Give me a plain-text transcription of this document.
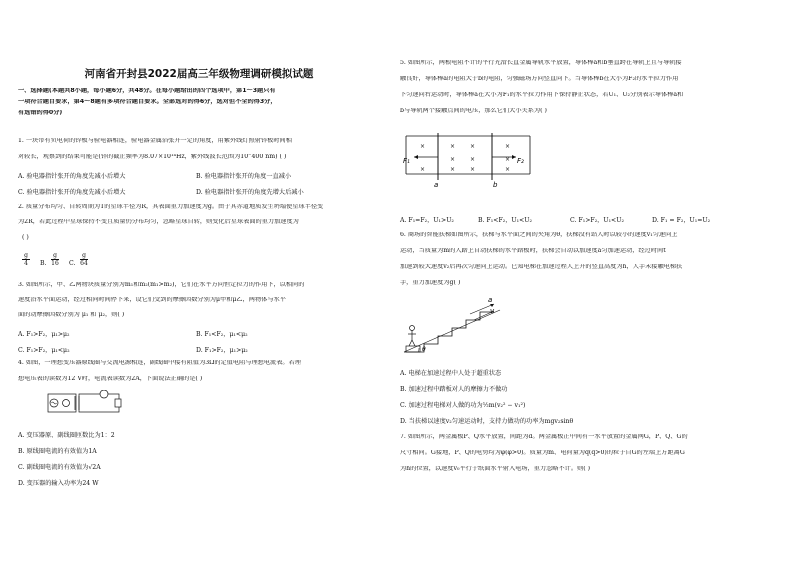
河南省开封县2022届高三年级物理调研模拟试题
一、选择题(本题共8小题，每小题6分，共48分。在每小题给出的四个选项中，第1～3题只有
一项符合题目要求，第4～8题有多项符合题目要求。全部选对的得6分，选对但不全的得3分，
有选错的得0分)
1. 一块带有负电荷的锌板与验电器相连，验电器金属箔张开一定的角度，用紫外线灯照射锌板时间相
对较长，观察到的结果可能是(锌的截止频率为8.07×10¹⁴Hz，紫外线波长范围为10⁻400 nm) ( )
A. 验电器指针张开的角度先减小后增大	B. 验电器指针张开的角度一直减小
C. 验电器指针张开的角度先减小后增大	D. 验电器指针张开的角度先增大后减小
2. 质量分布均匀、自转周期为T的星球半径为R，其表面重力加速度为g。由于其赤道地质发生坍塌使星球半径变
为2R，若此过程中星球保持不变且质量仍分布均匀，忽略星球自转，则变化后星球表面的重力加速度为
( )
g
4	B.
g
16	C.
g
64
3. 如图所示，甲、乙两物块质量分别为m₁和m₂(m₁>m₂)，它们在水平方向恒定拉力的作用下，以相同的
速度沿水平面运动，经过相同时间停下来，设它们受到的摩擦因数分别为μ甲和μ乙，两物体与水平
面的动摩擦因数分别为 μ₁ 和 μ₂，则( )
A. F₁>F₂，μ₁>μ₂	B. F₁<F₂，μ₁<μ₂
C. F₁>F₂，μ₁<μ₂	D. F₁>F₂，μ₁>μ₂
4. 如图，一理想变压器原线圈与交流电源相连，副线圈中接有阻值为3Ω的定值电阻与理想电流表。若理
想电压表的读数为12 V时，电流表读数为2A，下面说法正确的是( )
A. 变压器原、副线圈匝数比为1：2
B. 原线圈电流的有效值为1A
C. 副线圈电流的有效值为√2A
D. 变压器的输入功率为24 W
5. 如图所示，两根电阻不计的平行光滑长直金属导轨水平放置，导体棒a和b垂直跨在导轨上且与导轨接
触良好，导体棒a的电阻大于b的电阻，匀强磁场方向竖直向下。当导体棒b在大小为F₂的水平拉力作用
下匀速向右运动时，导体棒a在大小为F₁的水平拉力作用下保持静止状态，若U₁、U₂分别表示导体棒a和
b与导轨两个接触点间的电压，那么它们大小关系为( )
×	× ×	×
× ×	×
×	× ×	×
F₁	F₂
a	b
A. F₁=F₂，U₁>U₂	B. F₁<F₂，U₁<U₂	C. F₁>F₂，U₁<U₂	D. F₁ = F₂，U₁=U₂
6. 商场的智能扶梯如图所示，扶梯与水平面之间的夹角为θ，扶梯没有站人时以较小的速度v₁匀速向上
运动，当质量为m的人踏上自动扶梯的水平踏板时，扶梯会自动以加速度a匀加速运动，经过时间t
加速到较大速度v₂后再次匀速向上运动。已知电梯在加速过程人上升的竖直高度为h，人手未接触电梯扶
手，重力加速度为g( )
a
v
θ
A. 电梯在加速过程中人处于超重状态
B. 加速过程中踏板对人的摩擦力不做功
C. 加速过程电梯对人做的功为½m(v₂² − v₁²)
D. 当扶梯以速度v₂匀速运动时，支持力做功的功率为mgv₂sinθ
7. 如图所示，两金属板P、Q水平放置，间距为d。两金属板正中间有一水平放置的金属网G，P、Q、G的
尺寸相同。G接地，P、Q的电势均为φ(φ>0)。质量为m、电荷量为q(q>0)的粒子自G的左端上方距离G
为h的位置，以速度v₀平行于纸面水平射入电场，重力忽略不计。则( )
